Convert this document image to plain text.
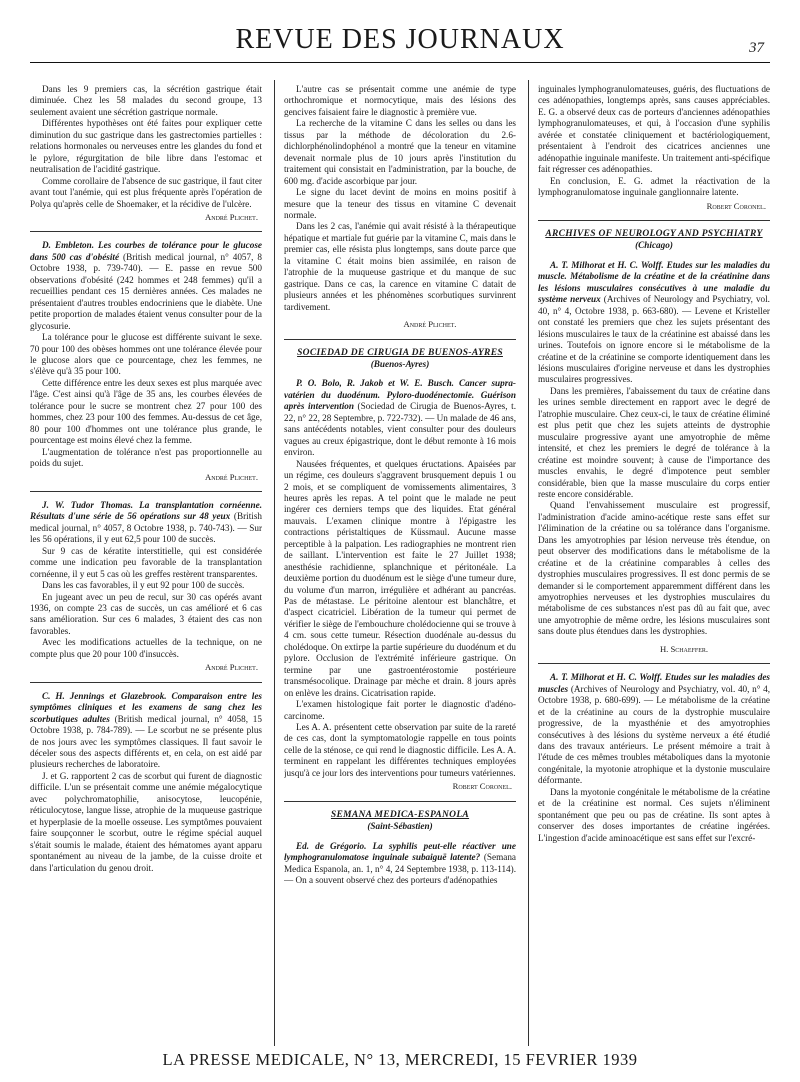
REVUE DES JOURNAUX	37

Dans les 9 premiers cas, la sécrétion gastrique était diminuée. Chez les 58 malades du second groupe, 13 seulement avaient une sécrétion gastrique normale.

Différentes hypothèses ont été faites pour expliquer cette diminution du suc gastrique dans les gastrectomies partielles : relations hormonales ou nerveuses entre les glandes du fond et le pylore, régurgitation de bile libre dans l'estomac et neutralisation de l'acidité gastrique.

Comme corollaire de l'absence de suc gastrique, il faut citer avant tout l'anémie, qui est plus fréquente après l'opération de Polya qu'après celle de Shoemaker, et la récidive de l'ulcère.

André Plichet.

D. Embleton. Les courbes de tolérance pour le glucose dans 500 cas d'obésité (British medical journal, n° 4057, 8 Octobre 1938, p. 739-740). — E. passe en revue 500 observations d'obésité (242 hommes et 248 femmes) qu'il a recueillies pendant ces 15 dernières années. Ces malades ne présentaient d'autres troubles endocriniens que le diabète. Une petite proportion de malades étaient venus consulter pour de la glycosurie.

La tolérance pour le glucose est différente suivant le sexe. 70 pour 100 des obèses hommes ont une tolérance élevée pour le glucose alors que ce pourcentage, chez les femmes, ne s'élève qu'à 35 pour 100.

Cette différence entre les deux sexes est plus marquée avec l'âge. C'est ainsi qu'à l'âge de 35 ans, les courbes élevées de tolérance pour le sucre se montrent chez 27 pour 100 des hommes, chez 23 pour 100 des femmes. Au-dessus de cet âge, 80 pour 100 d'hommes ont une tolérance plus grande, le pourcentage est moins élevé chez la femme.

L'augmentation de tolérance n'est pas proportionnelle au poids du sujet.

André Plichet.

J. W. Tudor Thomas. La transplantation cornéenne. Résultats d'une série de 56 opérations sur 48 yeux (British medical journal, n° 4057, 8 Octobre 1938, p. 740-743). — Sur les 56 opérations, il y eut 62,5 pour 100 de succès.

Sur 9 cas de kératite interstitielle, qui est considérée comme une indication peu favorable de la transplantation cornéenne, il y eut 5 cas où les greffes restèrent transparentes.

Dans les cas favorables, il y eut 92 pour 100 de succès.

En jugeant avec un peu de recul, sur 30 cas opérés avant 1936, on compte 23 cas de succès, un cas amélioré et 6 cas sans amélioration. Sur ces 6 malades, 3 étaient des cas non favorables.

Avec les modifications actuelles de la technique, on ne compte plus que 20 pour 100 d'insuccès.

André Plichet.

C. H. Jennings et Glazebrook. Comparaison entre les symptômes cliniques et les examens de sang chez les scorbutiques adultes (British medical journal, n° 4058, 15 Octobre 1938, p. 784-789). — Le scorbut ne se présente plus de nos jours avec les symptômes classiques. Il faut savoir le déceler sous des aspects différents et, en cela, on est aidé par plusieurs recherches de laboratoire.

J. et G. rapportent 2 cas de scorbut qui furent de diagnostic difficile. L'un se présentait comme une anémie mégalocytique avec polychromatophilie, anisocytose, leucopénie, réticulocytose, langue lisse, atrophie de la muqueuse gastrique et hyperplasie de la moelle osseuse. Les symptômes pouvaient faire soupçonner le scorbut, outre le régime spécial auquel s'était soumis le malade, étaient des hématomes ayant apparu spontanément au niveau de la jambe, de la cuisse droite et dans l'articulation du genou droit.

L'autre cas se présentait comme une anémie de type orthochromique et normocytique, mais des lésions des gencives faisaient faire le diagnostic à première vue.

La recherche de la vitamine C dans les selles ou dans les tissus par la méthode de décoloration du 2.6-dichlorphénolindophénol a montré que la teneur en vitamine devenait normale plus de 10 jours après l'institution du traitement qui consistait en l'administration, par la bouche, de 600 mg. d'acide ascorbique par jour.

Le signe du lacet devint de moins en moins positif à mesure que la teneur des tissus en vitamine C devenait normale.

Dans les 2 cas, l'anémie qui avait résisté à la thérapeutique hépatique et martiale fut guérie par la vitamine C, mais dans le premier cas, elle résista plus longtemps, sans doute parce que la vitamine C était moins bien assimilée, en raison de l'atrophie de la muqueuse gastrique et du manque de suc gastrique. Dans ce cas, la carence en vitamine C datait de plusieurs années et les phénomènes scorbutiques survinrent tardivement.

André Plichet.
SOCIEDAD DE CIRUGIA DE BUENOS-AYRES
(Buenos-Ayres)

P. O. Bolo, R. Jakob et W. E. Busch. Cancer supra-vatérien du duodénum. Pyloro-duodénectomie. Guérison après intervention (Sociedad de Cirugia de Buenos-Ayres, t. 22, n° 22, 28 Septembre, p. 722-732). — Un malade de 46 ans, sans antécédents notables, vient consulter pour des douleurs vagues au creux épigastrique, dont le début remonte à 16 mois environ.

Nausées fréquentes, et quelques éructations. Apaisées par un régime, ces douleurs s'aggravent brusquement depuis 1 ou 2 mois, et se compliquent de vomissements alimentaires, 3 heures après les repas. A tel point que le malade ne peut ingérer ces derniers temps que des liquides. Etat général mauvais. L'examen clinique montre à l'épigastre les contractions péristaltiques de Küssmaul. Aucune masse perceptible à la palpation. Les radiographies ne montrent rien de saillant. L'intervention est faite le 27 Juillet 1938; anesthésie rachidienne, splanchnique et péritonéale. La deuxième portion du duodénum est le siège d'une tumeur dure, du volume d'un marron, irrégulière et adhérant au pancréas. Pas de métastase. Le péritoine alentour est blanchâtre, et d'aspect cicatriciel. Libération de la tumeur qui permet de vérifier le siège de l'embouchure cholédocienne qui se trouve à 4 cm. sous cette tumeur. Résection duodénale au-dessus du cholédoque. On extirpe la partie supérieure du duodénum et du pylore. Occlusion de l'extrémité inférieure gastrique. On termine par une gastroentérostomie postérieure transmésocolique. Drainage par mèche et drain. 8 jours après on enlève les drains. Cicatrisation rapide.

L'examen histologique fait porter le diagnostic d'adéno-carcinome.

Les A. A. présentent cette observation par suite de la rareté de ces cas, dont la symptomatologie rappelle en tous points celle de la sténose, ce qui rend le diagnostic difficile. Les A. A. terminent en rappelant les différentes techniques employées jusqu'à ce jour lors des interventions pour tumeurs vatériennes.

Robert Coronel.
SEMANA MEDICA-ESPANOLA
(Saint-Sébastien)

Ed. de Grégorio. La syphilis peut-elle réactiver une lymphogranulomatose inguinale subaiguë latente? (Semana Medica Espanola, an. 1, n° 4, 24 Septembre 1938, p. 113-114). — On a souvent observé chez des porteurs d'adénopathies

inguinales lymphogranulomateuses, guéris, des fluctuations de ces adénopathies, longtemps après, sans causes appréciables. E. G. a observé deux cas de porteurs d'anciennes adénopathies lymphogranulomateuses, et qui, à l'occasion d'une syphilis avérée et constatée cliniquement et bactériologiquement, présentaient à l'endroit des cicatrices anciennes une adénopathie inguinale manifeste. Un traitement anti-spécifique fait régresser ces adénopathies.

En conclusion, E. G. admet la réactivation de la lymphogranulomatose inguinale ganglionnaire latente.

Robert Coronel.
ARCHIVES OF NEUROLOGY AND PSYCHIATRY
(Chicago)

A. T. Milhorat et H. C. Wolff. Etudes sur les maladies du muscle. Métabolisme de la créatine et de la créatinine dans les lésions musculaires consécutives à une maladie du système nerveux (Archives of Neurology and Psychiatry, vol. 40, n° 4, Octobre 1938, p. 663-680). — Levene et Kristeller ont constaté les premiers que chez les sujets présentant des lésions musculaires le taux de la créatinine est abaissé dans les urines. Toutefois on ignore encore si le métabolisme de la créatine et de la créatinine se comporte identiquement dans les lésions musculaires d'origine nerveuse et dans les dystrophies musculaires progressives.

Dans les premières, l'abaissement du taux de créatine dans les urines semble directement en rapport avec le degré de l'atrophie musculaire. Chez ceux-ci, le taux de créatine éliminé est plus petit que chez les sujets atteints de dystrophie musculaire progressive ayant une amyotrophie de même intensité, et chez les premiers le degré de tolérance à la créatine est moindre souvent; à cause de l'importance des muscles envahis, le degré d'impotence peut sembler considérable, bien que la masse musculaire du corps entier reste encore considérable.

Quand l'envahissement musculaire est progressif, l'administration d'acide amino-acétique reste sans effet sur l'élimination de la créatine ou sa tolérance dans l'organisme. Dans les amyotrophies par lésion nerveuse très étendue, on peut observer des modifications dans le métabolisme de la créatine et de la créatinine comparables à celles des dystrophies musculaires progressives. Il est donc permis de se demander si le comportement apparemment différent dans les amyotrophies nerveuses et les dystrophies musculaires du métabolisme de ces substances n'est pas dû au fait que, avec une amyotrophie de même ordre, les lésions musculaires sont sans doute plus étendues dans les dystrophies.

H. Schaeffer.

A. T. Milhorat et H. C. Wolff. Etudes sur les maladies des muscles (Archives of Neurology and Psychiatry, vol. 40, n° 4, Octobre 1938, p. 680-699). — Le métabolisme de la créatine et de la créatinine au cours de la dystrophie musculaire progressive, de la myasthénie et des amyotrophies consécutives à des lésions du système nerveux a été étudié dans des travaux antérieurs. Le présent mémoire a trait à l'étude de ces mêmes troubles métaboliques dans la myotonie congénitale, la myotonie atrophique et la dystonie musculaire déformante.

Dans la myotonie congénitale le métabolisme de la créatine et de la créatinine est normal. Ces sujets n'éliminent spontanément que peu ou pas de créatine. Ils sont aptes à conserver des doses importantes de créatine ingérées. L'ingestion d'acide aminoacétique est sans effet sur l'excré-

LA PRESSE MEDICALE, N° 13, MERCREDI, 15 FEVRIER 1939
